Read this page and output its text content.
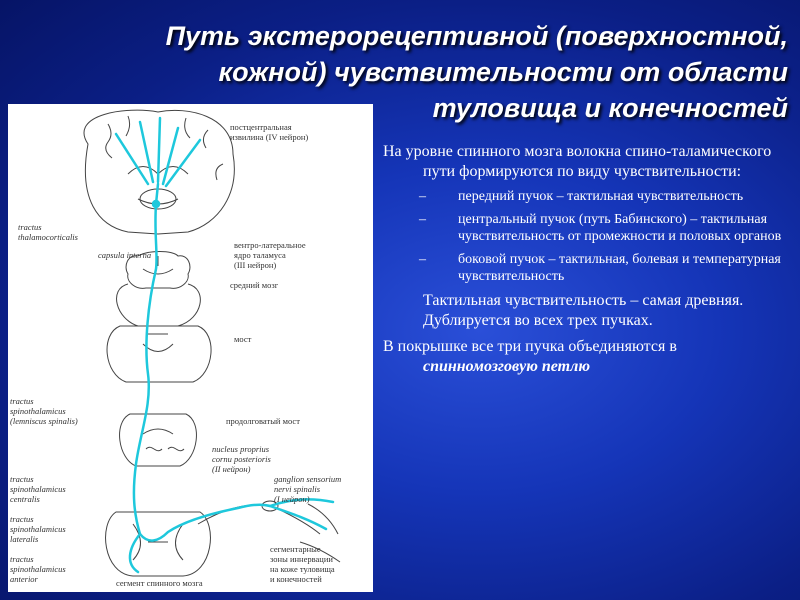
Путь экстерорецептивной (поверхностной,
кожной) чувствительности от области
туловища и конечностей
постцентральная
извилина (IV нейрон)
tractus
thalamocorticalis
capsula interna
вентро-латеральное
ядро таламуса
(III нейрон)
средний мозг
мост
tractus
spinothalamicus
(lemniscus spinalis)	продолговатый мост
nucleus proprius
cornu posterioris
(II нейрон)
tractus
spinothalamicus
centralis
ganglion sensorium
nervi spinalis
(I нейрон)
tractus
spinothalamicus
lateralis
tractus
spinothalamicus
anterior
сегментарные
зоны иннервации
на коже туловища
и конечностей
сегмент спинного мозга

На уровне спинного мозга волокна спино-таламического пути формируются по виду чувствительности:

– передний пучок – тактильная чувствительность
– центральный пучок (путь Бабинского) – тактильная чувствительность от промежности и половых органов
– боковой пучок – тактильная, болевая и температурная чувствительность

Тактильная чувствительность – самая древняя. Дублируется во всех трех пучках.

В покрышке все три пучка объединяются в спинномозговую петлю
